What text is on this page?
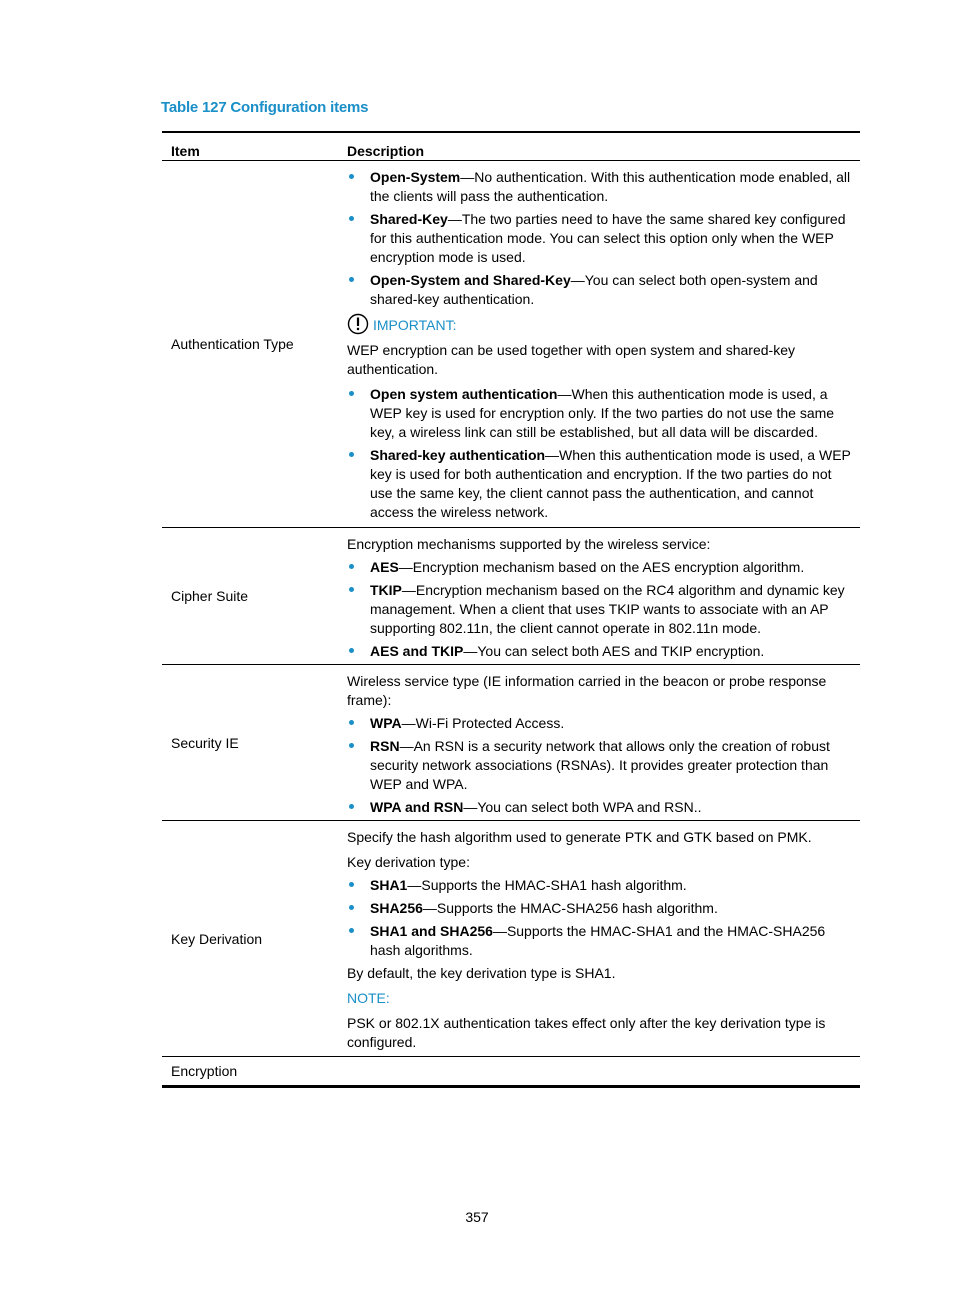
Table 127 Configuration items
Item	Description
Authentication Type
Open-System—No authentication. With this authentication mode enabled, all the clients will pass the authentication.
Shared-Key—The two parties need to have the same shared key configured for this authentication mode. You can select this option only when the WEP encryption mode is used.
Open-System and Shared-Key—You can select both open-system and shared-key authentication.
IMPORTANT:

WEP encryption can be used together with open system and shared-key authentication.

Open system authentication—When this authentication mode is used, a WEP key is used for encryption only. If the two parties do not use the same key, a wireless link can still be established, but all data will be discarded.
Shared-key authentication—When this authentication mode is used, a WEP key is used for both authentication and encryption. If the two parties do not use the same key, the client cannot pass the authentication, and cannot access the wireless network.
Cipher Suite

Encryption mechanisms supported by the wireless service:

AES—Encryption mechanism based on the AES encryption algorithm.
TKIP—Encryption mechanism based on the RC4 algorithm and dynamic key management. When a client that uses TKIP wants to associate with an AP supporting 802.11n, the client cannot operate in 802.11n mode.
AES and TKIP—You can select both AES and TKIP encryption.
Security IE

Wireless service type (IE information carried in the beacon or probe response frame):

WPA—Wi-Fi Protected Access.
RSN—An RSN is a security network that allows only the creation of robust security network associations (RSNAs). It provides greater protection than WEP and WPA.
WPA and RSN—You can select both WPA and RSN..
Key Derivation

Specify the hash algorithm used to generate PTK and GTK based on PMK.

Key derivation type:

SHA1—Supports the HMAC-SHA1 hash algorithm.
SHA256—Supports the HMAC-SHA256 hash algorithm.
SHA1 and SHA256—Supports the HMAC-SHA1 and the HMAC-SHA256 hash algorithms.

By default, the key derivation type is SHA1.

NOTE:

PSK or 802.1X authentication takes effect only after the key derivation type is configured.

Encryption
357
